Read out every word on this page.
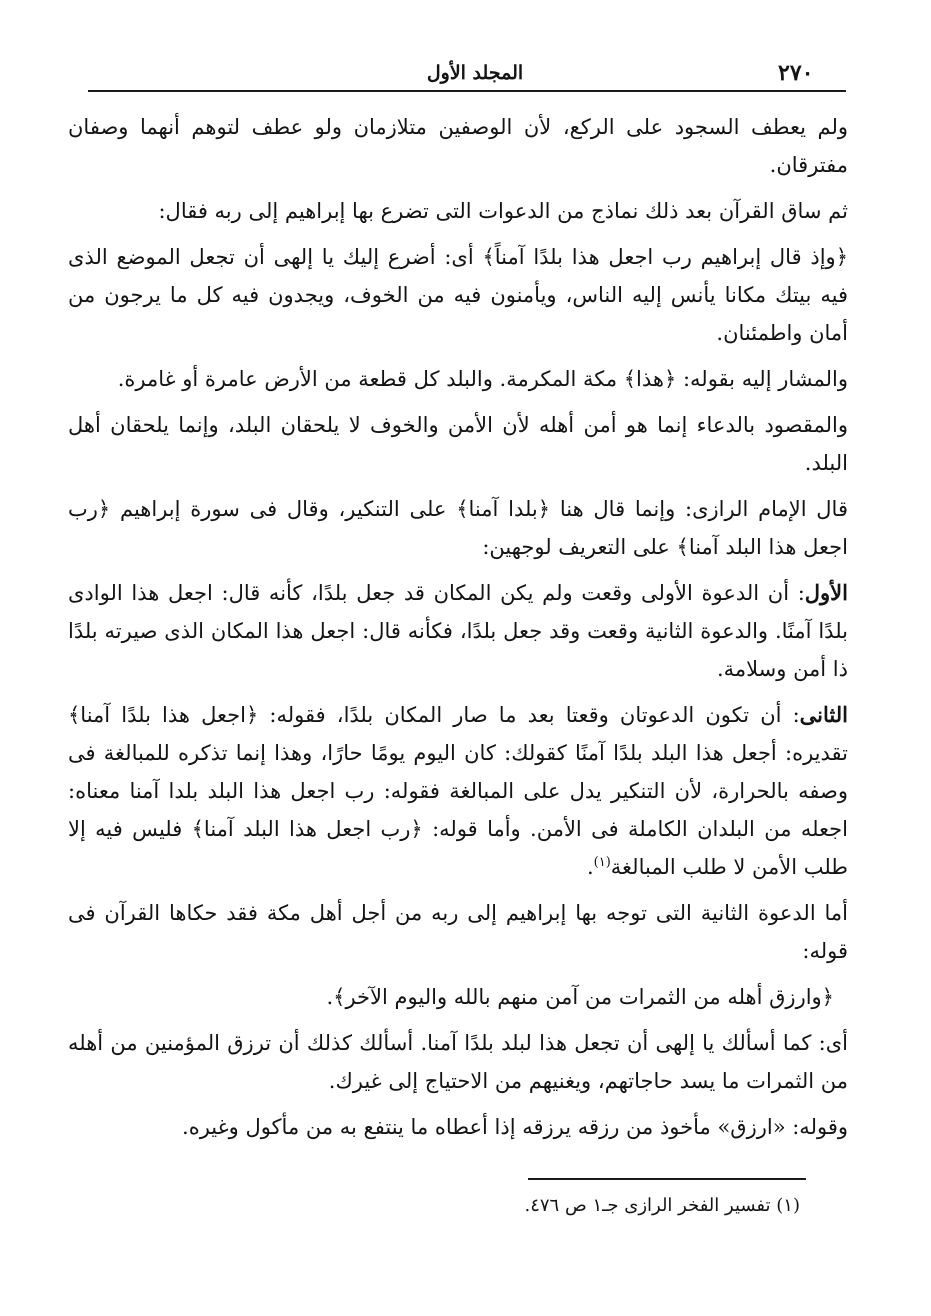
٢٧٠
المجلد الأول

ولم يعطف السجود على الركع، لأن الوصفين متلازمان ولو عطف لتوهم أنهما وصفان مفترقان.

ثم ساق القرآن بعد ذلك نماذج من الدعوات التى تضرع بها إبراهيم إلى ربه فقال:

﴿وإذ قال إبراهيم رب اجعل هذا بلدًا آمناً﴾ أى: أضرع إليك يا إلهى أن تجعل الموضع الذى فيه بيتك مكانا يأنس إليه الناس، ويأمنون فيه من الخوف، ويجدون فيه كل ما يرجون من أمان واطمئنان.

والمشار إليه بقوله: ﴿هذا﴾ مكة المكرمة. والبلد كل قطعة من الأرض عامرة أو غامرة.

والمقصود بالدعاء إنما هو أمن أهله لأن الأمن والخوف لا يلحقان البلد، وإنما يلحقان أهل البلد.

قال الإمام الرازى: وإنما قال هنا ﴿بلدا آمنا﴾ على التنكير، وقال فى سورة إبراهيم ﴿رب اجعل هذا البلد آمنا﴾ على التعريف لوجهين:

الأول: أن الدعوة الأولى وقعت ولم يكن المكان قد جعل بلدًا، كأنه قال: اجعل هذا الوادى بلدًا آمنًا. والدعوة الثانية وقعت وقد جعل بلدًا، فكأنه قال: اجعل هذا المكان الذى صيرته بلدًا ذا أمن وسلامة.

الثانى: أن تكون الدعوتان وقعتا بعد ما صار المكان بلدًا، فقوله: ﴿اجعل هذا بلدًا آمنا﴾ تقديره: أجعل هذا البلد بلدًا آمنًا كقولك: كان اليوم يومًا حارًا، وهذا إنما تذكره للمبالغة فى وصفه بالحرارة، لأن التنكير يدل على المبالغة فقوله: رب اجعل هذا البلد بلدا آمنا معناه: اجعله من البلدان الكاملة فى الأمن. وأما قوله: ﴿رب اجعل هذا البلد آمنا﴾ فليس فيه إلا طلب الأمن لا طلب المبالغة$^{(١)}$.

أما الدعوة الثانية التى توجه بها إبراهيم إلى ربه من أجل أهل مكة فقد حكاها القرآن فى قوله:

﴿وارزق أهله من الثمرات من آمن منهم بالله واليوم الآخر﴾.

أى: كما أسألك يا إلهى أن تجعل هذا لبلد بلدًا آمنا. أسألك كذلك أن ترزق المؤمنين من أهله من الثمرات ما يسد حاجاتهم، ويغنيهم من الاحتياج إلى غيرك.

وقوله: «ارزق» مأخوذ من رزقه يرزقه إذا أعطاه ما ينتفع به من مأكول وغيره.

(١) تفسير الفخر الرازى جـ١ ص ٤٧٦.
